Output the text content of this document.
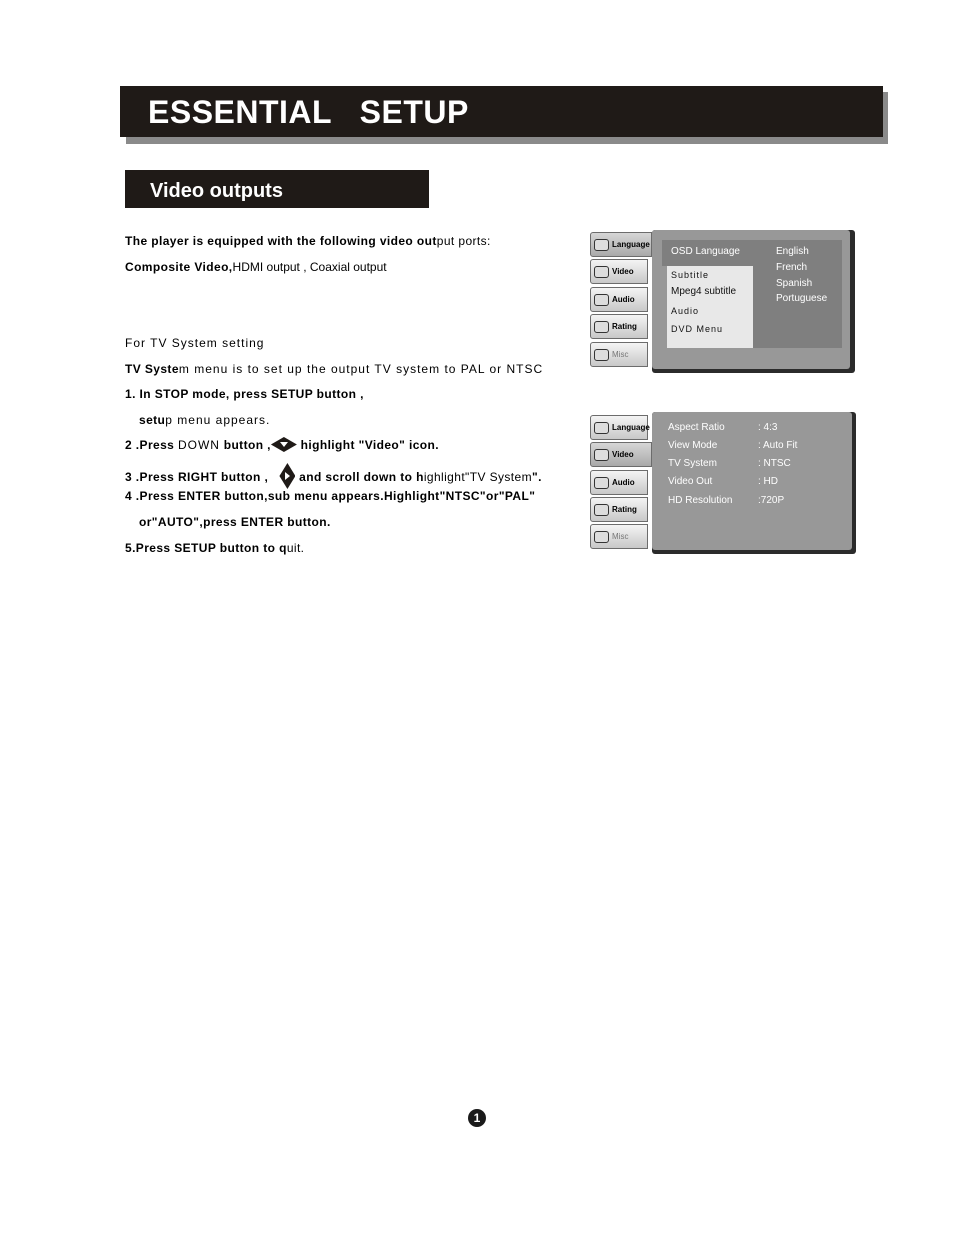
ESSENTIAL   SETUP
Video outputs
The player is equipped with the following video output ports:
Composite Video,HDMI output , Coaxial output
For TV System setting
TV System menu is to set up the output TV system to PAL or NTSC
1. In STOP mode, press SETUP button ,
setup menu appears.
2 .Press DOWN button , highlight "Video" icon.
3 .Press RIGHT button ,    and scroll down to highlight"TV System".
4 .Press ENTER button,sub menu appears.Highlight"NTSC"or"PAL"
or"AUTO",press ENTER button.
5.Press SETUP button to quit.
Language
Video
Audio
Rating
Misc
OSD Language
Subtitle
Mpeg4 subtitle
Audio
DVD Menu
English
French
Spanish
Portuguese
Language
Video
Audio
Rating
Misc
Aspect Ratio	: 4:3
View Mode	: Auto Fit
TV System	: NTSC
Video Out	: HD
HD Resolution	:720P
1
